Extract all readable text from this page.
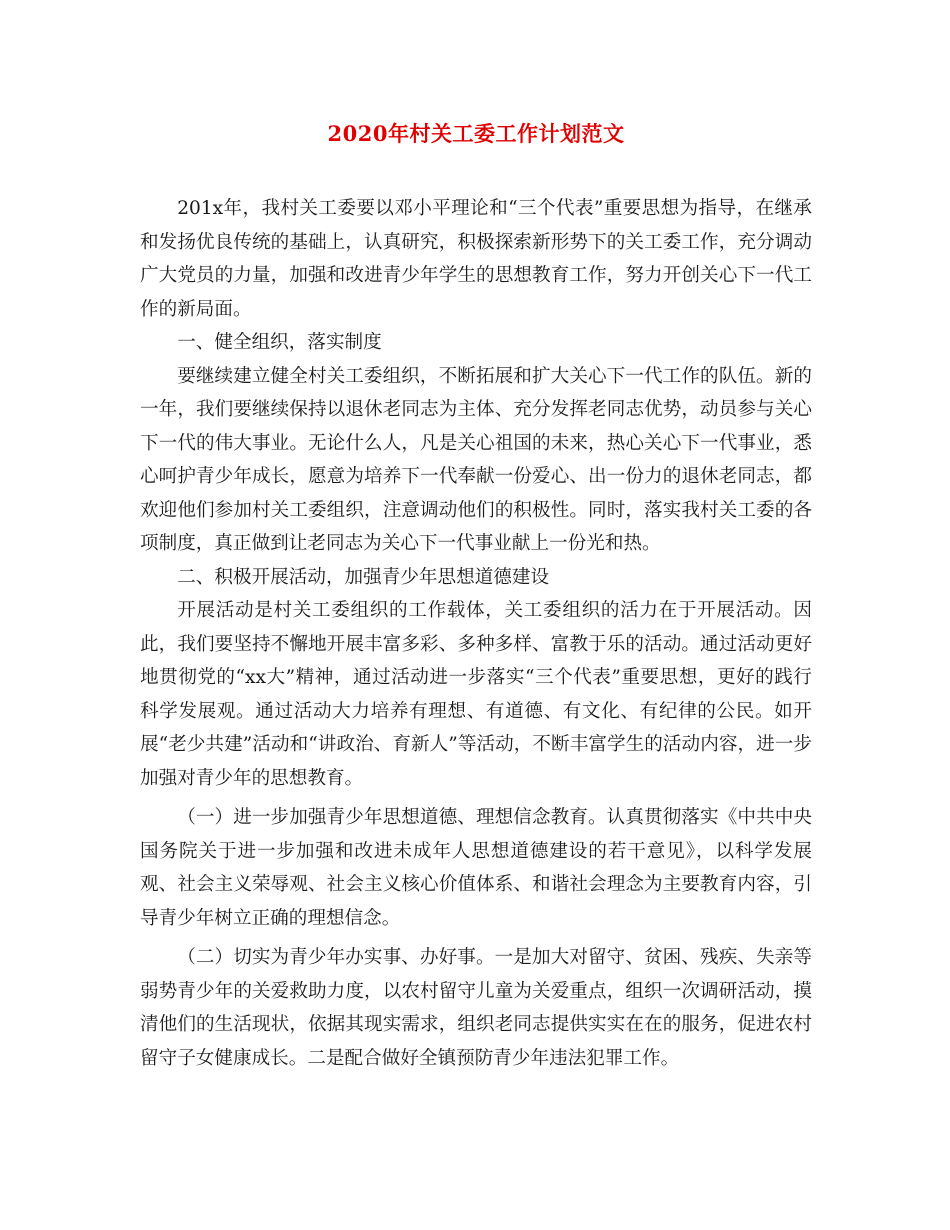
2020年村关工委工作计划范文

201x年，我村关工委要以邓小平理论和“三个代表”重要思想为指导，在继承和发扬优良传统的基础上，认真研究，积极探索新形势下的关工委工作，充分调动广大党员的力量，加强和改进青少年学生的思想教育工作，努力开创关心下一代工作的新局面。

一、健全组织，落实制度

要继续建立健全村关工委组织，不断拓展和扩大关心下一代工作的队伍。新的一年，我们要继续保持以退休老同志为主体、充分发挥老同志优势，动员参与关心下一代的伟大事业。无论什么人，凡是关心祖国的未来，热心关心下一代事业，悉心呵护青少年成长，愿意为培养下一代奉献一份爱心、出一份力的退休老同志，都欢迎他们参加村关工委组织，注意调动他们的积极性。同时，落实我村关工委的各项制度，真正做到让老同志为关心下一代事业献上一份光和热。

二、积极开展活动，加强青少年思想道德建设

开展活动是村关工委组织的工作载体，关工委组织的活力在于开展活动。因此，我们要坚持不懈地开展丰富多彩、多种多样、富教于乐的活动。通过活动更好地贯彻党的“xx大”精神，通过活动进一步落实“三个代表”重要思想，更好的践行科学发展观。通过活动大力培养有理想、有道德、有文化、有纪律的公民。如开展“老少共建”活动和“讲政治、育新人”等活动，不断丰富学生的活动内容，进一步加强对青少年的思想教育。

（一）进一步加强青少年思想道德、理想信念教育。认真贯彻落实《中共中央国务院关于进一步加强和改进未成年人思想道德建设的若干意见》，以科学发展观、社会主义荣辱观、社会主义核心价值体系、和谐社会理念为主要教育内容，引导青少年树立正确的理想信念。

（二）切实为青少年办实事、办好事。一是加大对留守、贫困、残疾、失亲等弱势青少年的关爱救助力度，以农村留守儿童为关爱重点，组织一次调研活动，摸清他们的生活现状，依据其现实需求，组织老同志提供实实在在的服务，促进农村留守子女健康成长。二是配合做好全镇预防青少年违法犯罪工作。
